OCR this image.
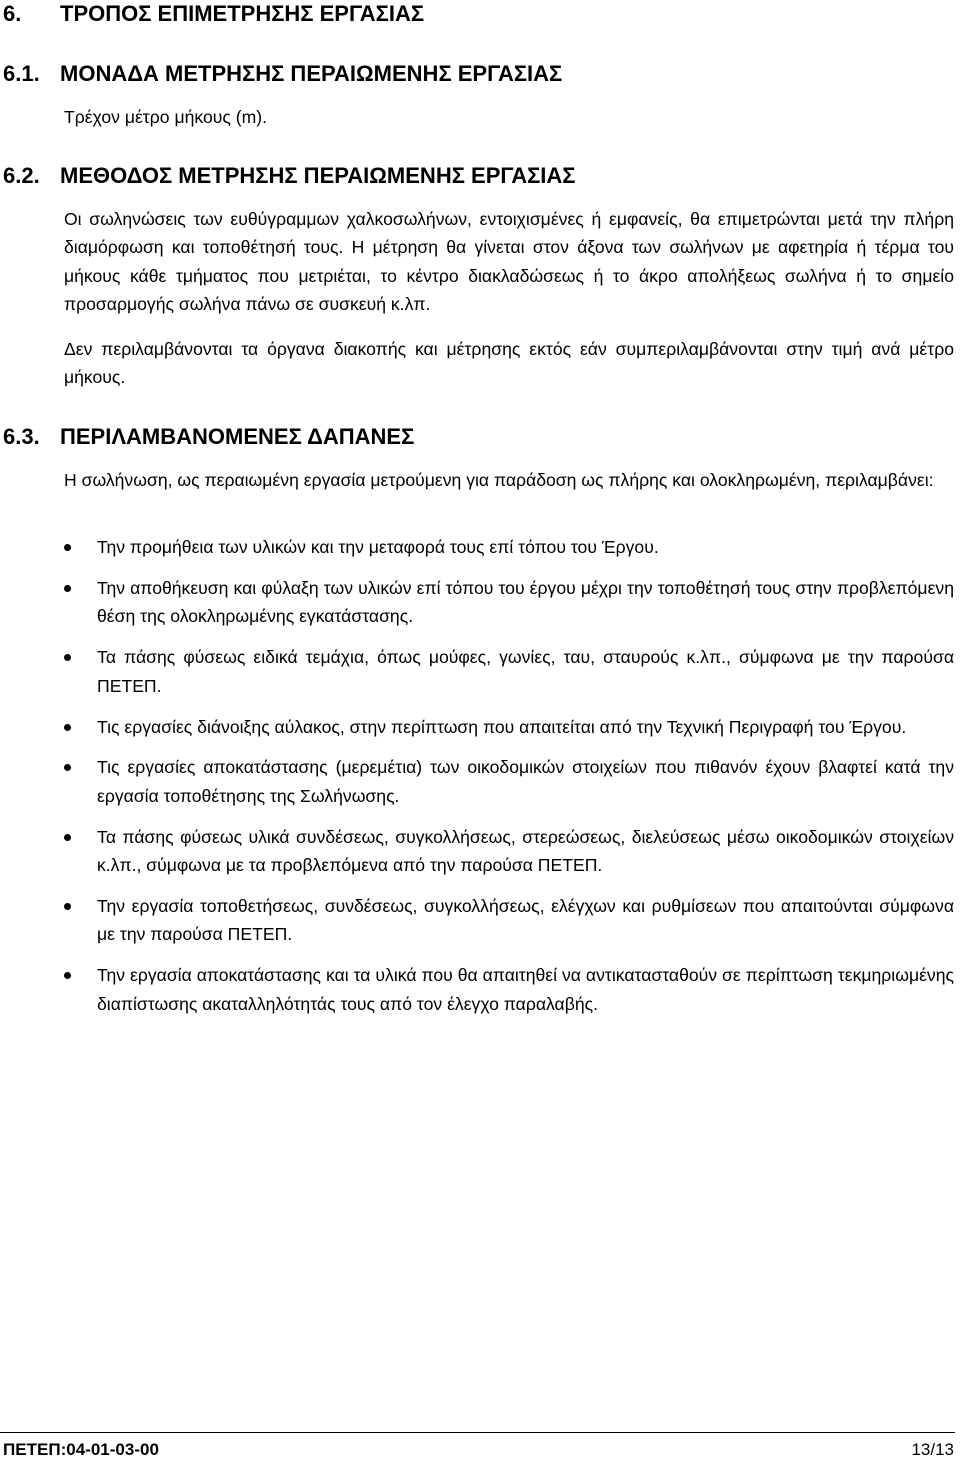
6. ΤΡΟΠΟΣ ΕΠΙΜΕΤΡΗΣΗΣ ΕΡΓΑΣΙΑΣ
6.1. ΜΟΝΑΔΑ ΜΕΤΡΗΣΗΣ ΠΕΡΑΙΩΜΕΝΗΣ ΕΡΓΑΣΙΑΣ
Τρέχον μέτρο μήκους (m).
6.2. ΜΕΘΟΔΟΣ ΜΕΤΡΗΣΗΣ ΠΕΡΑΙΩΜΕΝΗΣ ΕΡΓΑΣΙΑΣ
Οι σωληνώσεις των ευθύγραμμων χαλκοσωλήνων, εντοιχισμένες ή εμφανείς, θα επιμετρώνται μετά την πλήρη διαμόρφωση και τοποθέτησή τους. Η μέτρηση θα γίνεται στον άξονα των σωλήνων με αφετηρία ή τέρμα του μήκους κάθε τμήματος που μετριέται, το κέντρο διακλαδώσεως ή το άκρο απολήξεως σωλήνα ή το σημείο προσαρμογής σωλήνα πάνω σε συσκευή κ.λπ.
Δεν περιλαμβάνονται τα όργανα διακοπής και μέτρησης εκτός εάν συμπεριλαμβάνονται στην τιμή ανά μέτρο μήκους.
6.3. ΠΕΡΙΛΑΜΒΑΝΟΜΕΝΕΣ ΔΑΠΑΝΕΣ
Η σωλήνωση, ως περαιωμένη εργασία μετρούμενη για παράδοση ως πλήρης και ολοκληρωμένη, περιλαμβάνει:
Την προμήθεια των υλικών και την μεταφορά τους επί τόπου του Έργου.
Την αποθήκευση και φύλαξη των υλικών επί τόπου του έργου μέχρι την τοποθέτησή τους στην προβλεπόμενη θέση της ολοκληρωμένης εγκατάστασης.
Τα πάσης φύσεως ειδικά τεμάχια, όπως μούφες, γωνίες, ταυ, σταυρούς κ.λπ., σύμφωνα με την παρούσα ΠΕΤΕΠ.
Τις εργασίες διάνοιξης αύλακος, στην περίπτωση που απαιτείται από την Τεχνική Περιγραφή του Έργου.
Τις εργασίες αποκατάστασης (μερεμέτια) των οικοδομικών στοιχείων που πιθανόν έχουν βλαφτεί κατά την εργασία τοποθέτησης της Σωλήνωσης.
Τα πάσης φύσεως υλικά συνδέσεως, συγκολλήσεως, στερεώσεως, διελεύσεως μέσω οικοδομικών στοιχείων κ.λπ., σύμφωνα με τα προβλεπόμενα από την παρούσα ΠΕΤΕΠ.
Την εργασία τοποθετήσεως, συνδέσεως, συγκολλήσεως, ελέγχων και ρυθμίσεων που απαιτούνται σύμφωνα με την παρούσα ΠΕΤΕΠ.
Την εργασία αποκατάστασης και τα υλικά που θα απαιτηθεί να αντικατασταθούν σε περίπτωση τεκμηριωμένης διαπίστωσης ακαταλληλότητάς τους από τον έλεγχο παραλαβής.
ΠΕΤΕΠ:04-01-03-00	13/13
